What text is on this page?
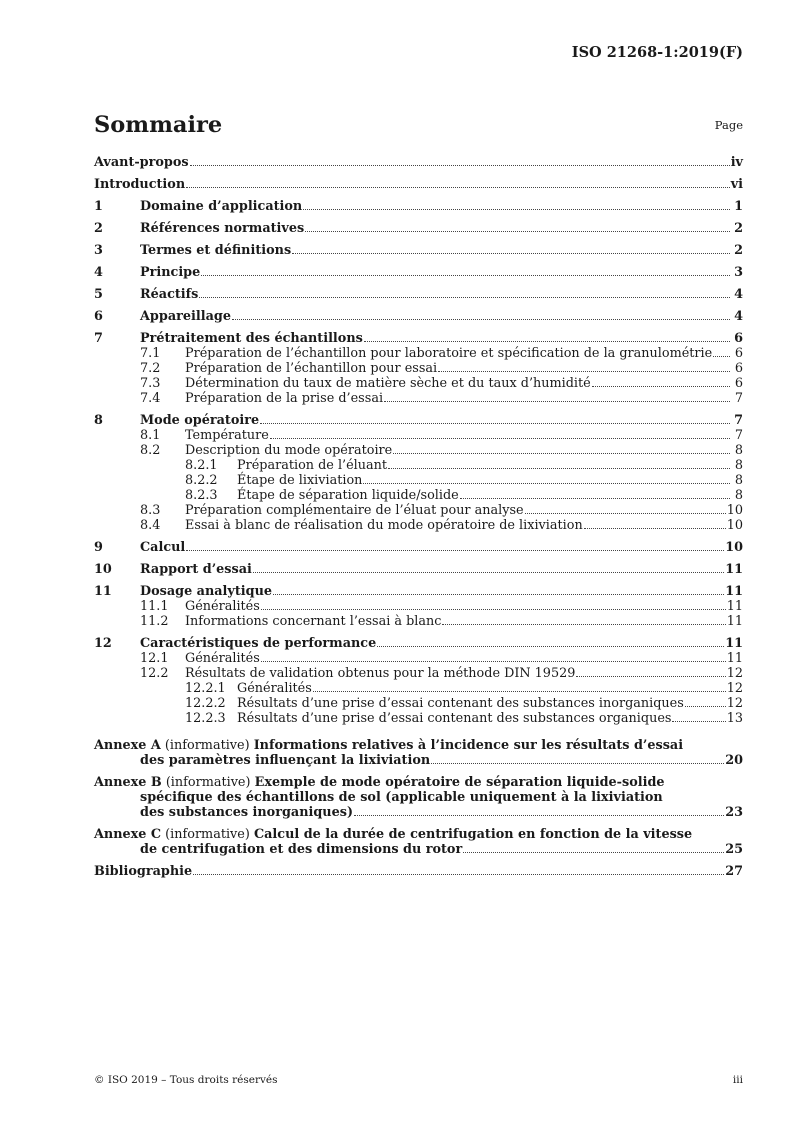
ISO 21268-1:2019(F)
Sommaire	Page
Avant-propos	iv
Introduction	vi
1	Domaine d’application	1
2	Références normatives	2
3	Termes et définitions	2
4	Principe	3
5	Réactifs	4
6	Appareillage	4
7	Prétraitement des échantillons	6
7.1	Préparation de l’échantillon pour laboratoire et spécification de la granulométrie	6
7.2	Préparation de l’échantillon pour essai	6
7.3	Détermination du taux de matière sèche et du taux d’humidité	6
7.4	Préparation de la prise d’essai	7
8	Mode opératoire	7
8.1	Température	7
8.2	Description du mode opératoire	8
8.2.1	Préparation de l’éluant	8
8.2.2	Étape de lixiviation	8
8.2.3	Étape de séparation liquide/solide	8
8.3	Préparation complémentaire de l’éluat pour analyse	10
8.4	Essai à blanc de réalisation du mode opératoire de lixiviation	10
9	Calcul	10
10	Rapport d’essai	11
11	Dosage analytique	11
11.1	Généralités	11
11.2	Informations concernant l’essai à blanc	11
12	Caractéristiques de performance	11
12.1	Généralités	11
12.2	Résultats de validation obtenus pour la méthode DIN 19529	12
12.2.1 Généralités	12
12.2.2 Résultats d’une prise d’essai contenant des substances inorganiques	12
12.2.3 Résultats d’une prise d’essai contenant des substances organiques	13
Annexe A (informative) Informations relatives à l’incidence sur les résultats d’essai
des paramètres influençant la lixiviation	20
Annexe B (informative) Exemple de mode opératoire de séparation liquide-solide
spécifique des échantillons de sol (applicable uniquement à la lixiviation
des substances inorganiques)	23
Annexe C (informative) Calcul de la durée de centrifugation en fonction de la vitesse
de centrifugation et des dimensions du rotor	25
Bibliographie	27
© ISO 2019 – Tous droits réservés	iii
